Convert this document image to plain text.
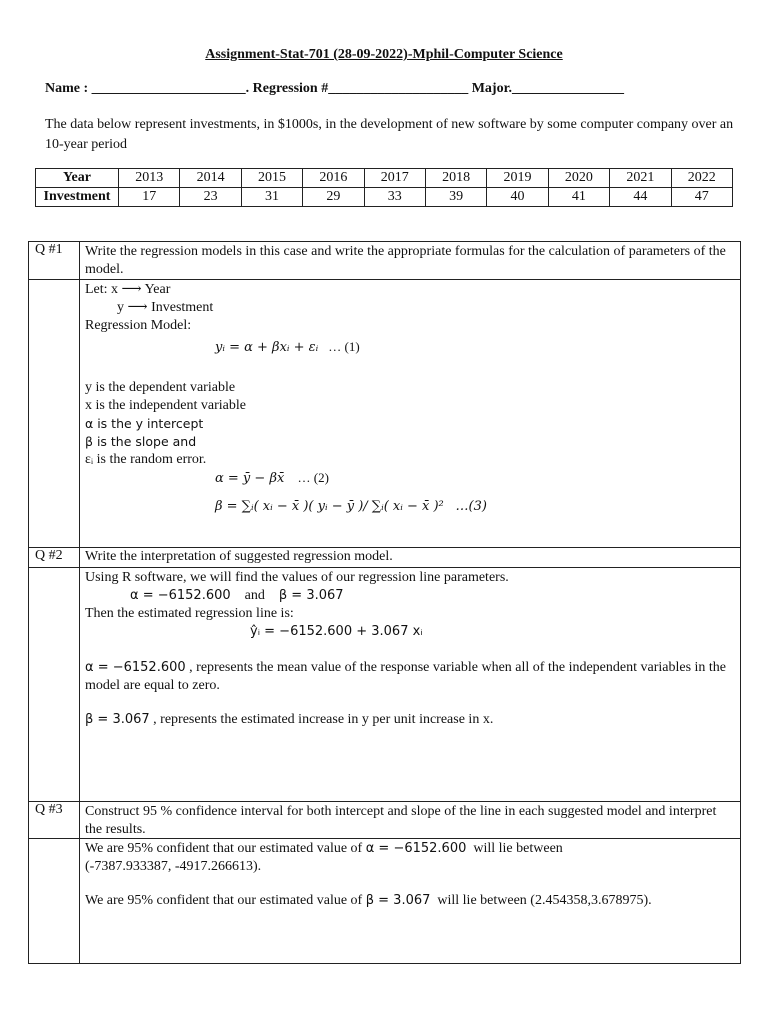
Assignment-Stat-701 (28-09-2022)-Mphil-Computer Science
Name : ______________________. Regression #____________________ Major.________________
The data below represent investments, in $1000s, in the development of new software by some computer company over an 10-year period
Year	2013	2014	2015	2016	2017	2018	2019	2020	2021	2022
Investment	17	23	31	29	33	39	40	41	44	47
Q #1	Write the regression models in this case and write the appropriate formulas for the calculation of parameters of the model.
Let: x ⟶ Year
y ⟶ Investment
Regression Model:
yᵢ = α + βxᵢ + εᵢ … (1)
y is the dependent variable
x is the independent variable
α is the y intercept
β is the slope and
εᵢ is the random error.
α = ȳ − βx̄ … (2)
β = ∑ᵢ( xᵢ − x̄ )( yᵢ − ȳ )/ ∑ᵢ( xᵢ − x̄ )² …(3)
Q #2	Write the interpretation of suggested regression model.
Using R software, we will find the values of our regression line parameters.
α = −6152.600 and β = 3.067
Then the estimated regression line is:
ŷᵢ = −6152.600 + 3.067 xᵢ
α = −6152.600 , represents the mean value of the response variable when all of the independent variables in the model are equal to zero.
β = 3.067 , represents the estimated increase in y per unit increase in x.
Q #3	Construct 95 % confidence interval for both intercept and slope of the line in each suggested model and interpret the results.
We are 95% confident that our estimated value of α = −6152.600 will lie between
(-7387.933387, -4917.266613).
We are 95% confident that our estimated value of β = 3.067 will lie between (2.454358,3.678975).
